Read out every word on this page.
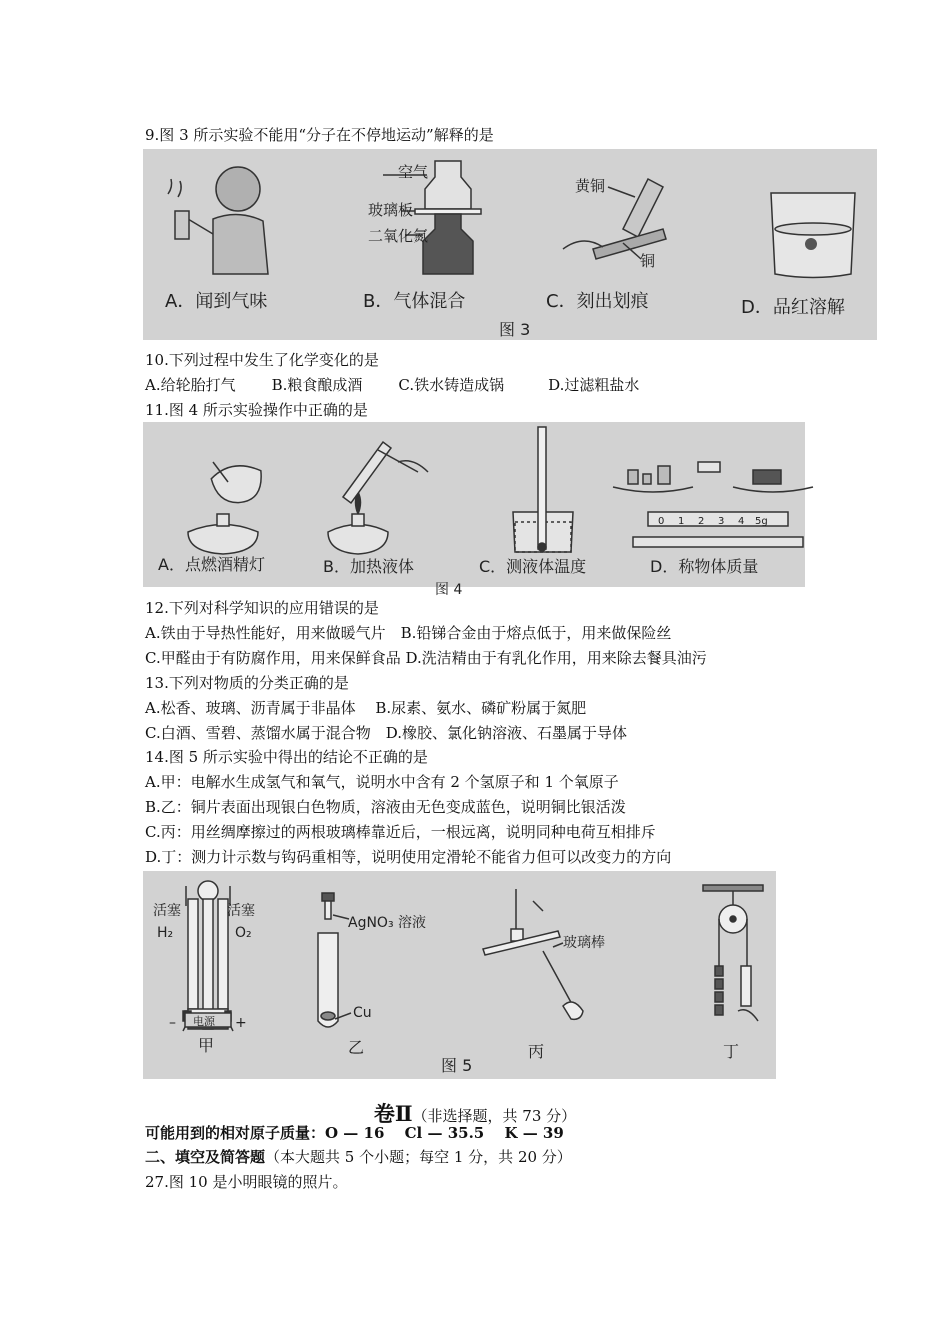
9.图 3 所示实验不能用“分子在不停地运动”解释的是
空气
玻璃板
二氧化氮
黄铜
铜
A．闻到气味	B．气体混合	C．刻出划痕	D．品红溶解
图 3
10.下列过程中发生了化学变化的是
A.给轮胎打气 B.粮食酿成酒 C.铁水铸造成锅	D.过滤粗盐水
11.图 4 所示实验操作中正确的是
0 1 2 3 4 5g
A．点燃酒精灯	B．加热液体	C．测液体温度	D．称物体质量
图 4
12.下列对科学知识的应用错误的是
A.铁由于导热性能好，用来做暖气片　B.铅锑合金由于熔点低于，用来做保险丝
C.甲醛由于有防腐作用，用来保鲜食品 D.洗洁精由于有乳化作用，用来除去餐具油污
13.下列对物质的分类正确的是
A.松香、玻璃、沥青属于非晶体　 B.尿素、氨水、磷矿粉属于氮肥
C.白酒、雪碧、蒸馏水属于混合物　D.橡胶、氯化钠溶液、石墨属于导体
14.图 5 所示实验中得出的结论不正确的是
A.甲：电解水生成氢气和氧气，说明水中含有 2 个氢原子和 1 个氧原子
B.乙：铜片表面出现银白色物质，溶液由无色变成蓝色，说明铜比银活泼
C.丙：用丝绸摩擦过的两根玻璃棒靠近后，一根远离，说明同种电荷互相排斥
D.丁：测力计示数与钩码重相等，说明使用定滑轮不能省力但可以改变力的方向
活塞	活塞
H₂	O₂
电源
–	+
甲
AgNO₃ 溶液
Cu
乙
玻璃棒
丙
图 5
丁
卷Ⅱ（非选择题，共 73 分）
可能用到的相对原子质量：O — 16　 Cl — 35.5　 K — 39
二、填空及简答题（本大题共 5 个小题；每空 1 分，共 20 分）
27.图 10 是小明眼镜的照片。
